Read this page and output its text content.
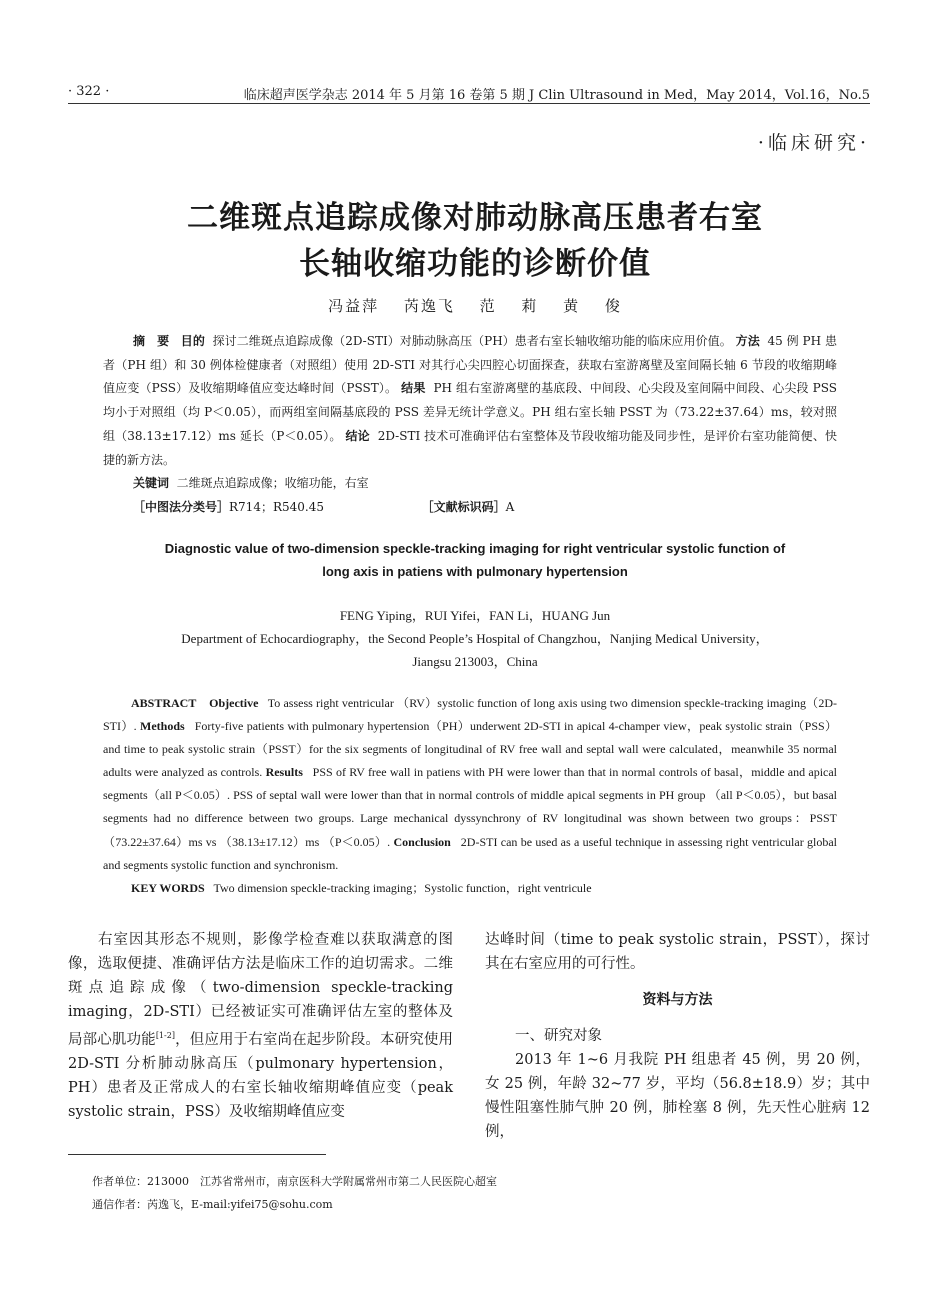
· 322 ·	临床超声医学杂志 2014 年 5 月第 16 卷第 5 期 J Clin Ultrasound in Med，May 2014，Vol.16，No.5
·临床研究·
二维斑点追踪成像对肺动脉高压患者右室
长轴收缩功能的诊断价值
冯益萍 芮逸飞 范 莉 黄 俊

摘　要 目的 探讨二维斑点追踪成像（2D-STI）对肺动脉高压（PH）患者右室长轴收缩功能的临床应用价值。 方法 45 例 PH 患者（PH 组）和 30 例体检健康者（对照组）使用 2D-STI 对其行心尖四腔心切面探查，获取右室游离壁及室间隔长轴 6 节段的收缩期峰值应变（PSS）及收缩期峰值应变达峰时间（PSST）。 结果 PH 组右室游离壁的基底段、中间段、心尖段及室间隔中间段、心尖段 PSS 均小于对照组（均 P＜0.05），而两组室间隔基底段的 PSS 差异无统计学意义。PH 组右室长轴 PSST 为（73.22±37.64）ms，较对照组（38.13±17.12）ms 延长（P＜0.05）。 结论 2D-STI 技术可准确评估右室整体及节段收缩功能及同步性，是评价右室功能简便、快捷的新方法。

关键词 二维斑点追踪成像；收缩功能，右室

［中图法分类号］R714；R540.45	［文献标识码］A

Diagnostic value of two-dimension speckle-tracking imaging for right ventricular systolic function of
long axis in patiens with pulmonary hypertension
FENG Yiping，RUI Yifei，FAN Li，HUANG Jun
Department of Echocardiography，the Second People’s Hospital of Changzhou，Nanjing Medical University，
Jiangsu 213003，China

ABSTRACT Objective To assess right ventricular （RV）systolic function of long axis using two dimension speckle-tracking imaging（2D-STI）. Methods Forty-five patients with pulmonary hypertension（PH）underwent 2D-STI in apical 4-champer view，peak systolic strain（PSS）and time to peak systolic strain（PSST）for the six segments of longitudinal of RV free wall and septal wall were calculated，meanwhile 35 normal adults were analyzed as controls. Results PSS of RV free wall in patiens with PH were lower than that in normal controls of basal，middle and apical segments（all P＜0.05）. PSS of septal wall were lower than that in normal controls of middle apical segments in PH group （all P＜0.05），but basal segments had no difference between two groups. Large mechanical dyssynchrony of RV longitudinal was shown between two groups：PSST（73.22±37.64）ms vs （38.13±17.12）ms （P＜0.05）. Conclusion 2D-STI can be used as a useful technique in assessing right ventricular global and segments systolic function and synchronism.

KEY WORDS Two dimension speckle-tracking imaging；Systolic function，right ventricule

右室因其形态不规则，影像学检查难以获取满意的图像，选取便捷、准确评估方法是临床工作的迫切需求。二维斑点追踪成像（two-dimension speckle-tracking imaging，2D-STI）已经被证实可准确评估左室的整体及局部心肌功能[1-2]，但应用于右室尚在起步阶段。本研究使用 2D-STI 分析肺动脉高压（pulmonary hypertension，PH）患者及正常成人的右室长轴收缩期峰值应变（peak systolic strain，PSS）及收缩期峰值应变

达峰时间（time to peak systolic strain，PSST），探讨其在右室应用的可行性。

资料与方法

一、研究对象

2013 年 1~6 月我院 PH 组患者 45 例，男 20 例，女 25 例，年龄 32~77 岁，平均（56.8±18.9）岁；其中慢性阻塞性肺气肿 20 例，肺栓塞 8 例，先天性心脏病 12 例，

作者单位：213000　江苏省常州市，南京医科大学附属常州市第二人民医院心超室
通信作者：芮逸飞，E-mail:yifei75@sohu.com
